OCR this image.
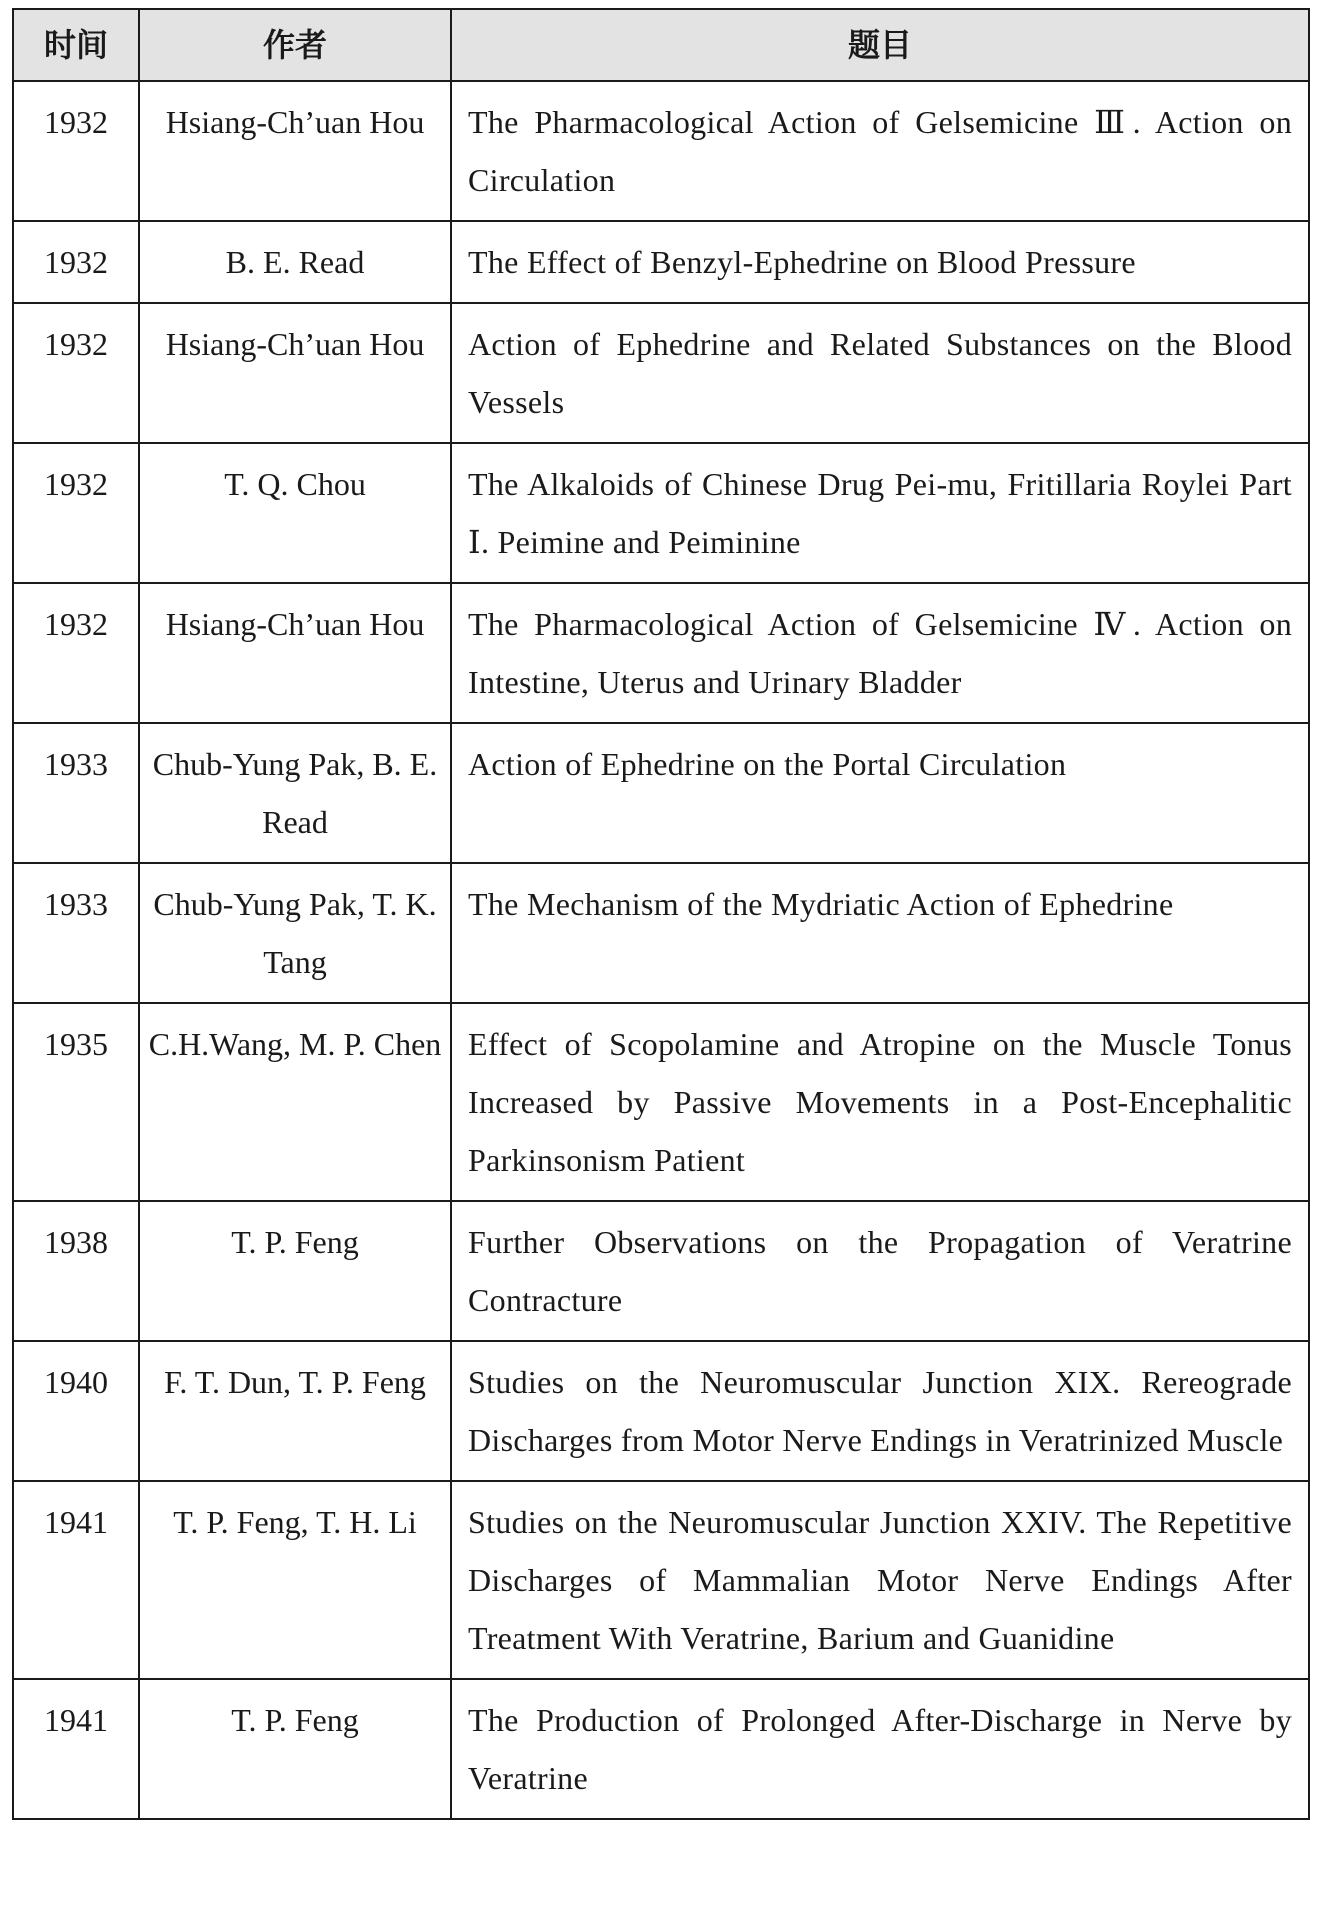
时间	作者	题目
1932	Hsiang-Ch’uan Hou	The Pharmacological Action of Gelsemicine Ⅲ. Action on Circulation
1932	B. E. Read	The Effect of Benzyl-Ephedrine on Blood Pressure
1932	Hsiang-Ch’uan Hou	Action of Ephedrine and Related Substances on the Blood Vessels
1932	T. Q. Chou	The Alkaloids of Chinese Drug Pei-mu, Fritillaria Roylei Part Ⅰ. Peimine and Peiminine
1932	Hsiang-Ch’uan Hou	The Pharmacological Action of Gelsemicine Ⅳ. Action on Intestine, Uterus and Urinary Bladder
1933	Chub-Yung Pak, B. E. Read	Action of Ephedrine on the Portal Circulation
1933	Chub-Yung Pak, T. K. Tang	The Mechanism of the Mydriatic Action of Ephedrine
1935	C.H.Wang, M. P. Chen	Effect of Scopolamine and Atropine on the Muscle Tonus Increased by Passive Movements in a Post-Encephalitic Parkinsonism Patient
1938	T. P. Feng	Further Observations on the Propagation of Veratrine Contracture
1940	F. T. Dun, T. P. Feng	Studies on the Neuromuscular Junction XIX. Rereograde Discharges from Motor Nerve Endings in Veratrinized Muscle
1941	T. P. Feng, T. H. Li	Studies on the Neuromuscular Junction XXIV. The Repetitive Discharges of Mammalian Motor Nerve Endings After Treatment With Veratrine, Barium and Guanidine
1941	T. P. Feng	The Production of Prolonged After-Discharge in Nerve by Veratrine
